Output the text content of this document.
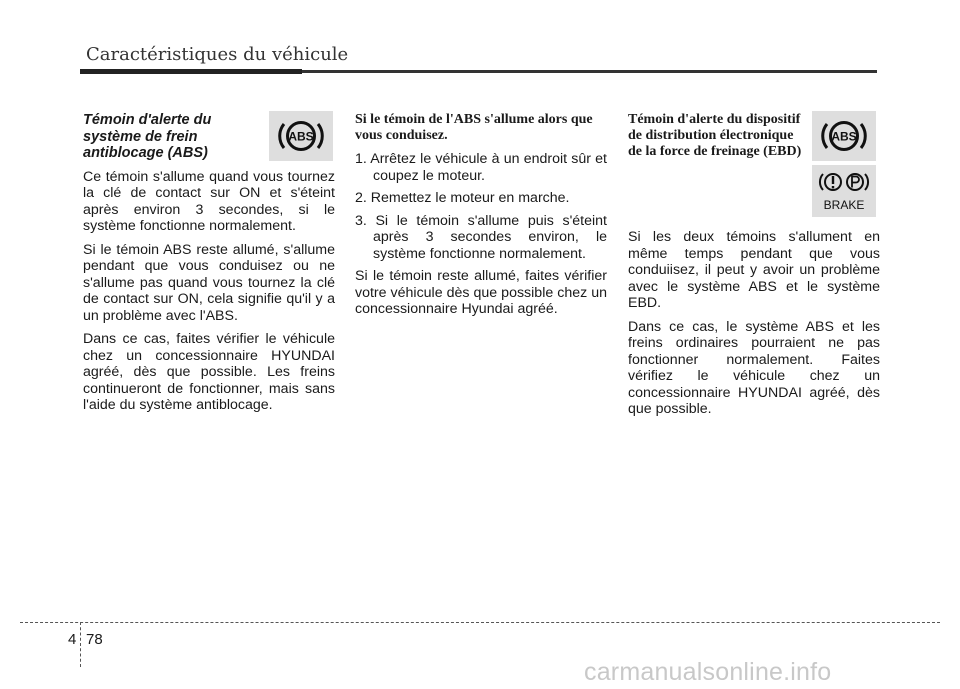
Caractéristiques du véhicule

Témoin d'alerte du système de frein antiblocage (ABS)

Ce témoin s'allume quand vous tournez la clé de contact sur ON et s'éteint après environ 3 secondes, si le système fonctionne normalement.

Si le témoin ABS reste allumé, s'allume pendant que vous conduisez ou ne s'allume pas quand vous tournez la clé de contact sur ON, cela signifie qu'il y a un problème avec l'ABS.

Dans ce cas, faites vérifier le véhicule chez un concessionnaire HYUNDAI agréé, dès que possible. Les freins continueront de fonctionner, mais sans l'aide du système antiblocage.

ABS

Si le témoin de l'ABS s'allume alors que vous conduisez.

1. Arrêtez le véhicule à un endroit sûr et coupez le moteur.
2. Remettez le moteur en marche.
3. Si le témoin s'allume puis s'éteint après 3 secondes environ, le système fonctionne normalement.

Si le témoin reste allumé, faites vérifier votre véhicule dès que possible chez un concessionnaire Hyundai agréé.

Témoin d'alerte du dispositif de distribution électronique de la force de freinage (EBD)

Si les deux témoins s'allument en même temps pendant que vous conduiisez, il peut y avoir un problème avec le système ABS et le système EBD.

Dans ce cas, le système ABS et les freins ordinaires pourraient ne pas fonctionner normalement. Faites vérifiez le véhicule chez un concessionnaire HYUNDAI agréé, dès que possible.

ABS
BRAKE
4 78
carmanualsonline.info
